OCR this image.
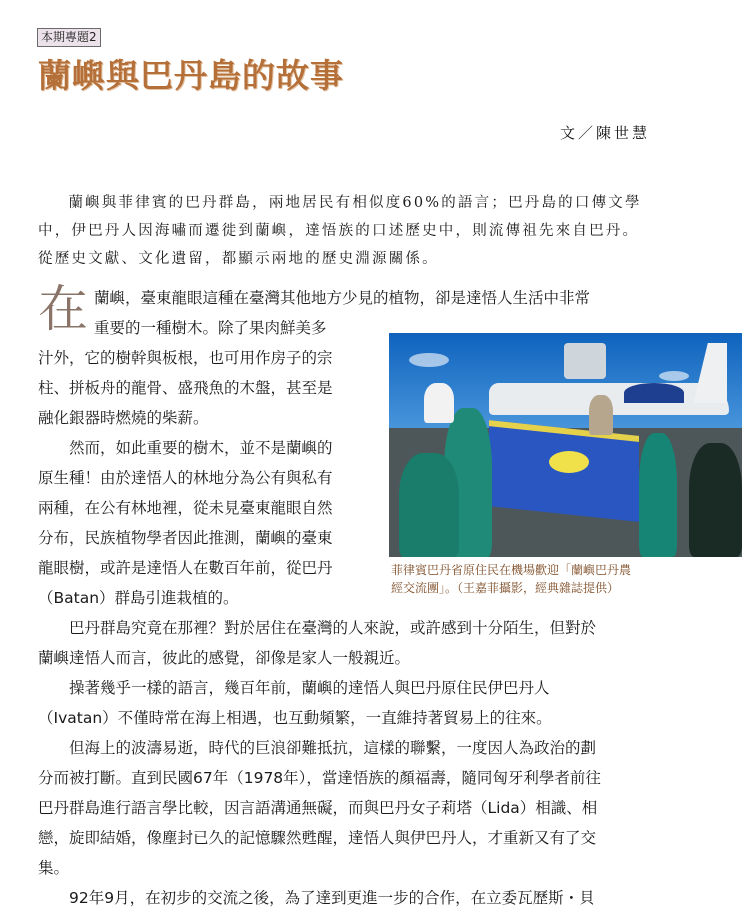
本期專題2
蘭嶼與巴丹島的故事
文／陳世慧

蘭嶼與菲律賓的巴丹群島，兩地居民有相似度60%的語言；巴丹島的口傳文學中，伊巴丹人因海嘯而遷徙到蘭嶼，達悟族的口述歷史中，則流傳祖先來自巴丹。從歷史文獻、文化遺留，都顯示兩地的歷史淵源關係。

在 蘭嶼，臺東龍眼這種在臺灣其他地方少見的植物，卻是達悟人生活中非常
重要的一種樹木。除了果肉鮮美多
汁外，它的樹幹與板根，也可用作房子的宗
柱、拼板舟的龍骨、盛飛魚的木盤，甚至是
融化銀器時燃燒的柴薪。
然而，如此重要的樹木，並不是蘭嶼的
原生種！由於達悟人的林地分為公有與私有
兩種，在公有林地裡，從未見臺東龍眼自然
分布，民族植物學者因此推測，蘭嶼的臺東
龍眼樹，或許是達悟人在數百年前，從巴丹
（Batan）群島引進栽植的。
巴丹群島究竟在那裡？對於居住在臺灣的人來說，或許感到十分陌生，但對於
蘭嶼達悟人而言，彼此的感覺，卻像是家人一般親近。
操著幾乎一樣的語言，幾百年前，蘭嶼的達悟人與巴丹原住民伊巴丹人
（Ivatan）不僅時常在海上相遇，也互動頻繁，一直維持著貿易上的往來。
但海上的波濤易逝，時代的巨浪卻難抵抗，這樣的聯繫，一度因人為政治的劃
分而被打斷。直到民國67年（1978年），當達悟族的顏福壽，隨同匈牙利學者前往
巴丹群島進行語言學比較，因言語溝通無礙，而與巴丹女子莉塔（Lida）相識、相
戀，旋即結婚，像塵封已久的記憶驟然甦醒，達悟人與伊巴丹人，才重新又有了交
集。
92年9月，在初步的交流之後，為了達到更進一步的合作，在立委瓦歷斯・貝

菲律賓巴丹省原住民在機場歡迎「蘭嶼巴丹農
經交流團」。（王嘉菲攝影，經典雜誌提供）
